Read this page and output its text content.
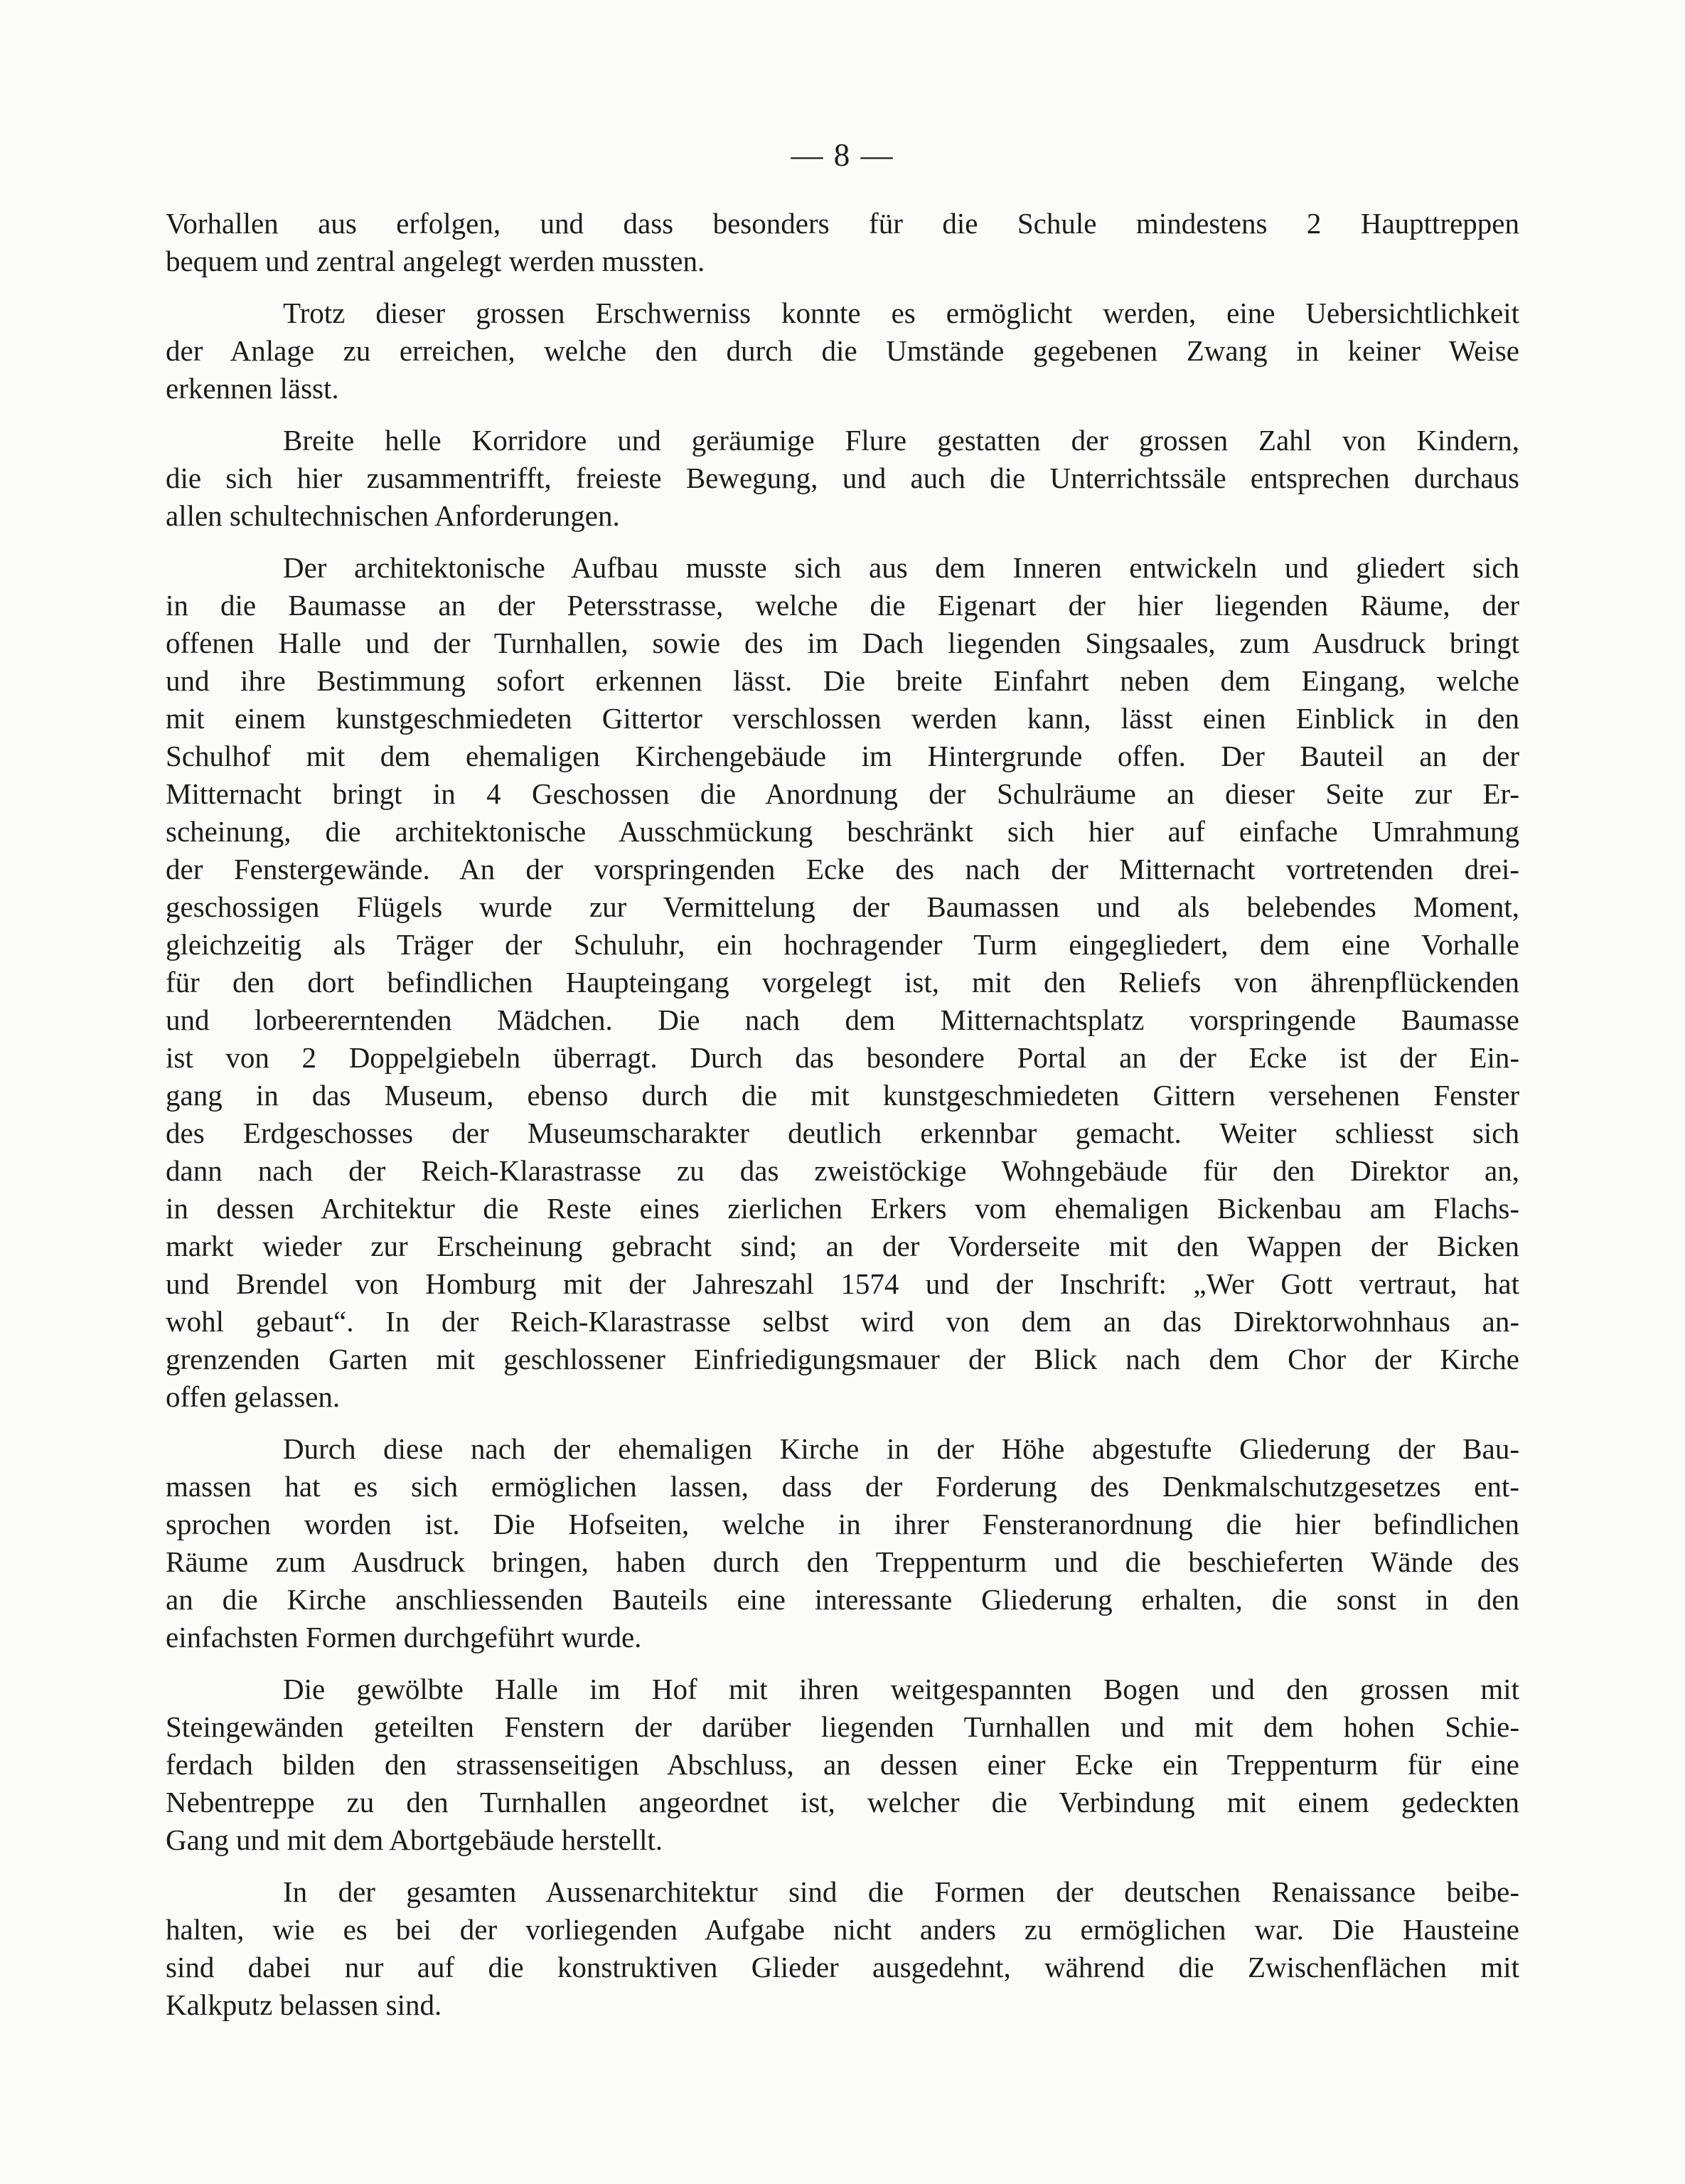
— 8 —
Vorhallen aus erfolgen, und dass besonders für die Schule mindestens 2 Haupttreppen
bequem und zentral angelegt werden mussten.
Trotz dieser grossen Erschwerniss konnte es ermöglicht werden, eine Uebersichtlichkeit
der Anlage zu erreichen, welche den durch die Umstände gegebenen Zwang in keiner Weise
erkennen lässt.
Breite helle Korridore und geräumige Flure gestatten der grossen Zahl von Kindern,
die sich hier zusammentrifft, freieste Bewegung, und auch die Unterrichtssäle entsprechen durchaus
allen schultechnischen Anforderungen.
Der architektonische Aufbau musste sich aus dem Inneren entwickeln und gliedert sich
in die Baumasse an der Petersstrasse, welche die Eigenart der hier liegenden Räume, der
offenen Halle und der Turnhallen, sowie des im Dach liegenden Singsaales, zum Ausdruck bringt
und ihre Bestimmung sofort erkennen lässt. Die breite Einfahrt neben dem Eingang, welche
mit einem kunstgeschmiedeten Gittertor verschlossen werden kann, lässt einen Einblick in den
Schulhof mit dem ehemaligen Kirchengebäude im Hintergrunde offen. Der Bauteil an der
Mitternacht bringt in 4 Geschossen die Anordnung der Schulräume an dieser Seite zur Er-
scheinung, die architektonische Ausschmückung beschränkt sich hier auf einfache Umrahmung
der Fenstergewände. An der vorspringenden Ecke des nach der Mitternacht vortretenden drei-
geschossigen Flügels wurde zur Vermittelung der Baumassen und als belebendes Moment,
gleichzeitig als Träger der Schuluhr, ein hochragender Turm eingegliedert, dem eine Vorhalle
für den dort befindlichen Haupteingang vorgelegt ist, mit den Reliefs von ährenpflückenden
und lorbeererntenden Mädchen. Die nach dem Mitternachtsplatz vorspringende Baumasse
ist von 2 Doppelgiebeln überragt. Durch das besondere Portal an der Ecke ist der Ein-
gang in das Museum, ebenso durch die mit kunstgeschmiedeten Gittern versehenen Fenster
des Erdgeschosses der Museumscharakter deutlich erkennbar gemacht. Weiter schliesst sich
dann nach der Reich-Klarastrasse zu das zweistöckige Wohngebäude für den Direktor an,
in dessen Architektur die Reste eines zierlichen Erkers vom ehemaligen Bickenbau am Flachs-
markt wieder zur Erscheinung gebracht sind; an der Vorderseite mit den Wappen der Bicken
und Brendel von Homburg mit der Jahreszahl 1574 und der Inschrift: „Wer Gott vertraut, hat
wohl gebaut“. In der Reich-Klarastrasse selbst wird von dem an das Direktorwohnhaus an-
grenzenden Garten mit geschlossener Einfriedigungsmauer der Blick nach dem Chor der Kirche
offen gelassen.
Durch diese nach der ehemaligen Kirche in der Höhe abgestufte Gliederung der Bau-
massen hat es sich ermöglichen lassen, dass der Forderung des Denkmalschutzgesetzes ent-
sprochen worden ist. Die Hofseiten, welche in ihrer Fensteranordnung die hier befindlichen
Räume zum Ausdruck bringen, haben durch den Treppenturm und die beschieferten Wände des
an die Kirche anschliessenden Bauteils eine interessante Gliederung erhalten, die sonst in den
einfachsten Formen durchgeführt wurde.
Die gewölbte Halle im Hof mit ihren weitgespannten Bogen und den grossen mit
Steingewänden geteilten Fenstern der darüber liegenden Turnhallen und mit dem hohen Schie-
ferdach bilden den strassenseitigen Abschluss, an dessen einer Ecke ein Treppenturm für eine
Nebentreppe zu den Turnhallen angeordnet ist, welcher die Verbindung mit einem gedeckten
Gang und mit dem Abortgebäude herstellt.
In der gesamten Aussenarchitektur sind die Formen der deutschen Renaissance beibe-
halten, wie es bei der vorliegenden Aufgabe nicht anders zu ermöglichen war. Die Hausteine
sind dabei nur auf die konstruktiven Glieder ausgedehnt, während die Zwischenflächen mit
Kalkputz belassen sind.
